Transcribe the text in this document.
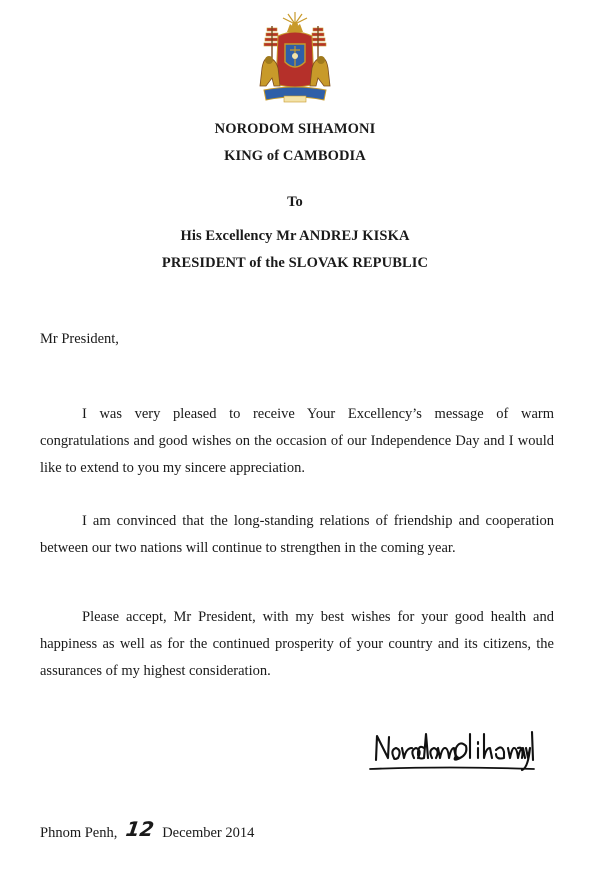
NORODOM SIHAMONI
KING of CAMBODIA
To
His Excellency Mr ANDREJ KISKA
PRESIDENT of the SLOVAK REPUBLIC
Mr President,
I was very pleased to receive Your Excellency’s message of warm congratulations and good wishes on the occasion of our Independence Day and I would like to extend to you my sincere appreciation.
I am convinced that the long-standing relations of friendship and cooperation between our two nations will continue to strengthen in the coming year.
Please accept, Mr President, with my best wishes for your good health and happiness as well as for the continued prosperity of your country and its citizens, the assurances of my highest consideration.
Phnom Penh, 12 December 2014
